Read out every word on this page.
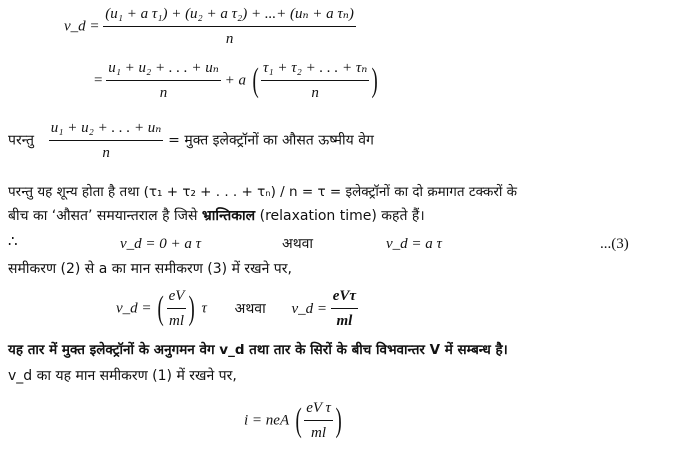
v_d = $\frac{\text{(u₁ + a τ₁) + (u₂ + a τ₂) + ...+ (uₙ + a τₙ)}}{n}$
= $\frac{\text{u₁ + u₂ + . . . + uₙ}}{n} + a$ ( $\frac{\text{τ₁ + τ₂ + . . . + τₙ}}{n}$ )
परन्तु $\frac{\text{u₁ + u₂ + . . . + uₙ}}{n}$ = मुक्त इलेक्ट्रॉनों का औसत ऊष्मीय वेग
परन्तु यह शून्य होता है तथा (τ₁ + τ₂ + . . . + τₙ) / n = τ = इलेक्ट्रॉनों का दो क्रमागत टक्करों के
बीच का ‘औसत’ समयान्तराल है जिसे भ्रान्तिकाल (relaxation time) कहते हैं।
∴	v_d = 0 + a τ	अथवा	v_d = a τ	...(3)
समीकरण (2) से a का मान समीकरण (3) में रखने पर,
v_d = ( $\frac{eV}{ml}$ ) τ अथवा v_d = $\frac{\text{eVτ}}{ml}$
यह तार में मुक्त इलेक्ट्रॉनों के अनुगमन वेग v_d तथा तार के सिरों के बीच विभवान्तर V में सम्बन्ध है।
v_d का यह मान समीकरण (1) में रखने पर,
i = neA ( $\frac{\text{eV τ}}{ml}$ )
